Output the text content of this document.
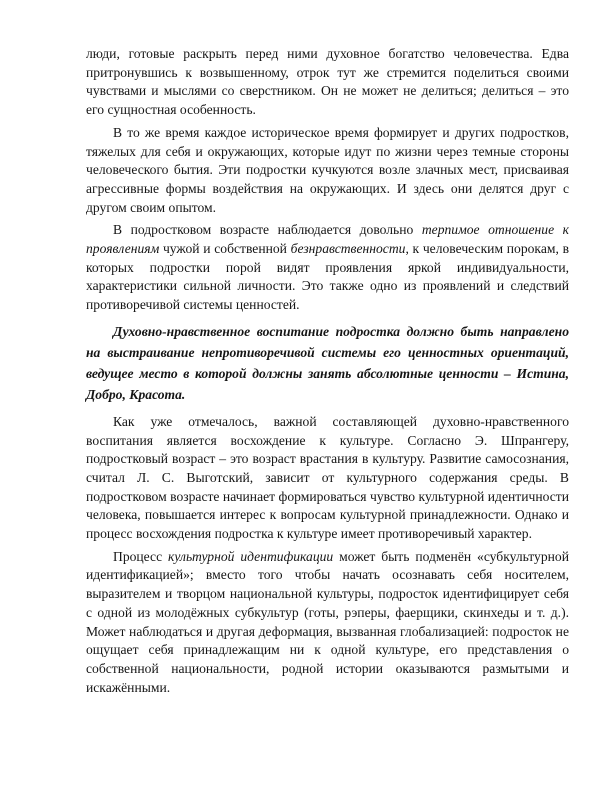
люди, готовые раскрыть перед ними духовное богатство человечества. Едва притронувшись к возвышенному, отрок тут же стремится поделиться своими чувствами и мыслями со сверстником. Он не может не делиться; делиться – это его сущностная особенность.

В то же время каждое историческое время формирует и других подростков, тяжелых для себя и окружающих, которые идут по жизни через темные стороны человеческого бытия. Эти подростки кучкуются возле злачных мест, присваивая агрессивные формы воздействия на окружающих. И здесь они делятся друг с другом своим опытом.

В подростковом возрасте наблюдается довольно терпимое отношение к проявлениям чужой и собственной безнравственности, к человеческим порокам, в которых подростки порой видят проявления яркой индивидуальности, характеристики сильной личности. Это также одно из проявлений и следствий противоречивой системы ценностей.

Духовно-нравственное воспитание подростка должно быть направлено на выстраивание непротиворечивой системы его ценностных ориентаций, ведущее место в которой должны занять абсолютные ценности – Истина, Добро, Красота.

Как уже отмечалось, важной составляющей духовно-нравственного воспитания является восхождение к культуре. Согласно Э. Шпрангеру, подростковый возраст – это возраст врастания в культуру. Развитие самосознания, считал Л. С. Выготский, зависит от культурного содержания среды. В подростковом возрасте начинает формироваться чувство культурной идентичности человека, повышается интерес к вопросам культурной принадлежности. Однако и процесс восхождения подростка к культуре имеет противоречивый характер.

Процесс культурной идентификации может быть подменён «субкультурной идентификацией»; вместо того чтобы начать осознавать себя носителем, выразителем и творцом национальной культуры, подросток идентифицирует себя с одной из молодёжных субкультур (готы, рэперы, фаерщики, скинхеды и т. д.). Может наблюдаться и другая деформация, вызванная глобализацией: подросток не ощущает себя принадлежащим ни к одной культуре, его представления о собственной национальности, родной истории оказываются размытыми и искажёнными.
